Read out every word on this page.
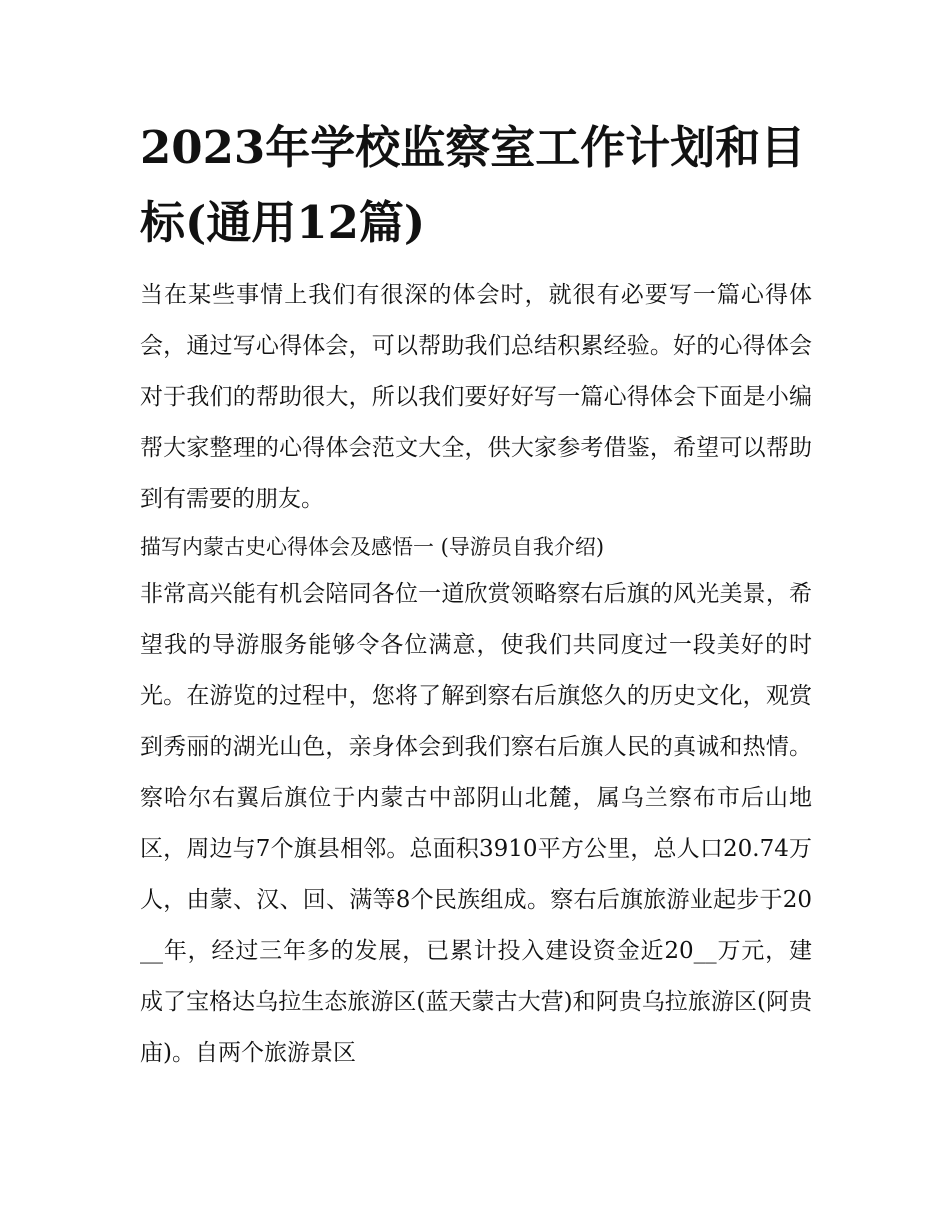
2023年学校监察室工作计划和目标(通用12篇)

当在某些事情上我们有很深的体会时，就很有必要写一篇心得体会，通过写心得体会，可以帮助我们总结积累经验。好的心得体会对于我们的帮助很大，所以我们要好好写一篇心得体会下面是小编帮大家整理的心得体会范文大全，供大家参考借鉴，希望可以帮助到有需要的朋友。

描写内蒙古史心得体会及感悟一 (导游员自我介绍)

非常高兴能有机会陪同各位一道欣赏领略察右后旗的风光美景，希望我的导游服务能够令各位满意，使我们共同度过一段美好的时光。在游览的过程中，您将了解到察右后旗悠久的历史文化，观赏到秀丽的湖光山色，亲身体会到我们察右后旗人民的真诚和热情。察哈尔右翼后旗位于内蒙古中部阴山北麓，属乌兰察布市后山地区，周边与7个旗县相邻。总面积3910平方公里，总人口20.74万人，由蒙、汉、回、满等8个民族组成。察右后旗旅游业起步于20__年，经过三年多的发展，已累计投入建设资金近20__万元，建成了宝格达乌拉生态旅游区(蓝天蒙古大营)和阿贵乌拉旅游区(阿贵庙)。自两个旅游景区
